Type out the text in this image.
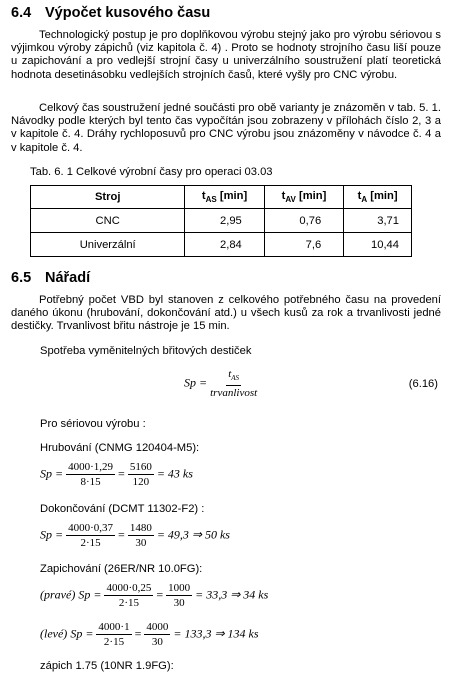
6.4 Výpočet kusového času
Technologický postup je pro doplňkovou výrobu stejný jako pro výrobu sériovou s výjimkou výroby zápichů (viz kapitola č. 4) . Proto se hodnoty strojního času liší pouze u zapichování a pro vedlejší strojní časy u univerzálního soustružení platí teoretická hodnota desetinásobku vedlejších strojních časů, které vyšly pro CNC výrobu.
Celkový čas soustružení jedné součásti pro obě varianty je znázoměn v tab. 5. 1. Návodky podle kterých byl tento čas vypočítán jsou zobrazeny v přílohách číslo 2, 3 a v kapitole č. 4. Dráhy rychloposuvů pro CNC výrobu jsou znázoměny v návodce č. 4 a v kapitole č. 4.
Tab. 6. 1 Celkové výrobní časy pro operaci 03.03
Stroj	$t_{AS}$ [min]	$t_{AV}$ [min]	$t_A$ [min]
CNC	2,95	0,76	3,71
Univerzální	2,84	7,6	10,44
6.5 Nářadí
Potřebný počet VBD byl stanoven z celkového potřebného času na provedení daného úkonu (hrubování, dokončování atd.) u všech kusů za rok a trvanlivosti jedné destičky. Trvanlivost břitu nástroje je 15 min.
Spotřeba vyměnitelných břitových destiček
$Sp = \frac{t_{AS}}{\text{trvanlivost}}$	(6.16)
Pro sériovou výrobu :
Hrubování (CNMG 120404-M5):
$Sp = \frac{4000\cdot 1,29}{8\cdot 15} = \frac{5160}{120} = 43$ ks
Dokončování (DCMT 11302-F2) :
$Sp = \frac{4000\cdot 0,37}{2\cdot 15} = \frac{1480}{30} = 49,3$ ⇒ 50 ks
Zapichování (26ER/NR 10.0FG):
(pravé) $Sp = \frac{4000\cdot 0,25}{2\cdot 15} = \frac{1000}{30} = 33,3$ ⇒ 34 ks
(levé) $Sp = \frac{4000\cdot 1}{2\cdot 15} = \frac{4000}{30} = 133,3$ ⇒ 134 ks
zápich 1.75 (10NR 1.9FG):
